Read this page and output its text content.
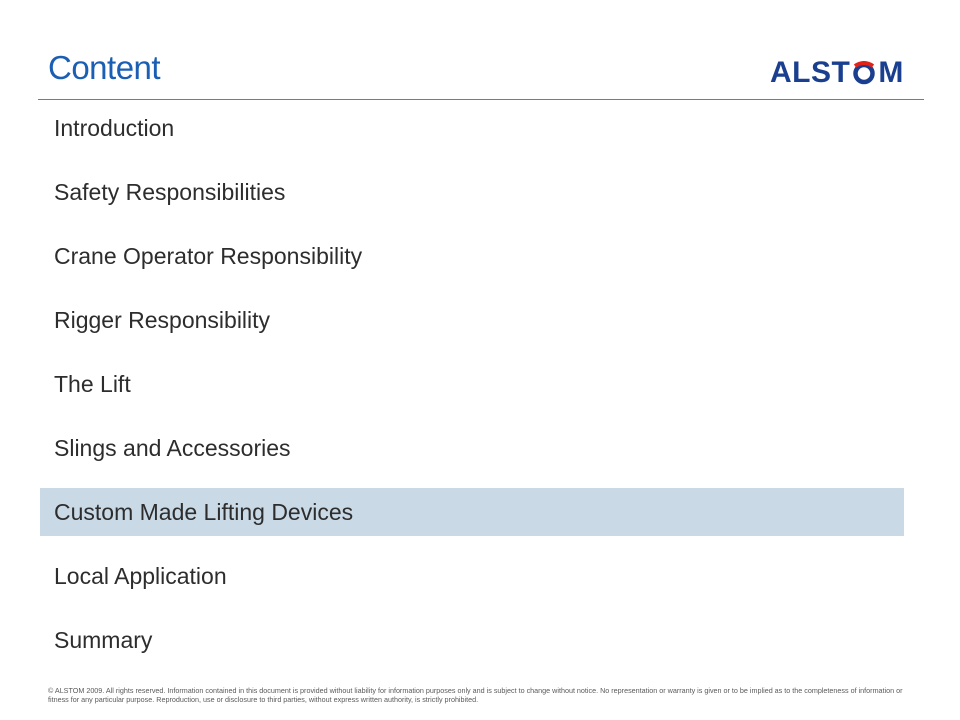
Content	ALST M
Introduction
Safety Responsibilities
Crane Operator Responsibility
Rigger Responsibility
The Lift
Slings and Accessories
Custom Made Lifting Devices
Local Application
Summary
© ALSTOM 2009. All rights reserved. Information contained in this document is provided without liability for information purposes only and is subject to change without notice. No representation or warranty is given or to be implied as to the completeness of information or fitness for any particular purpose. Reproduction, use or disclosure to third parties, without express written authority, is strictly prohibited.
